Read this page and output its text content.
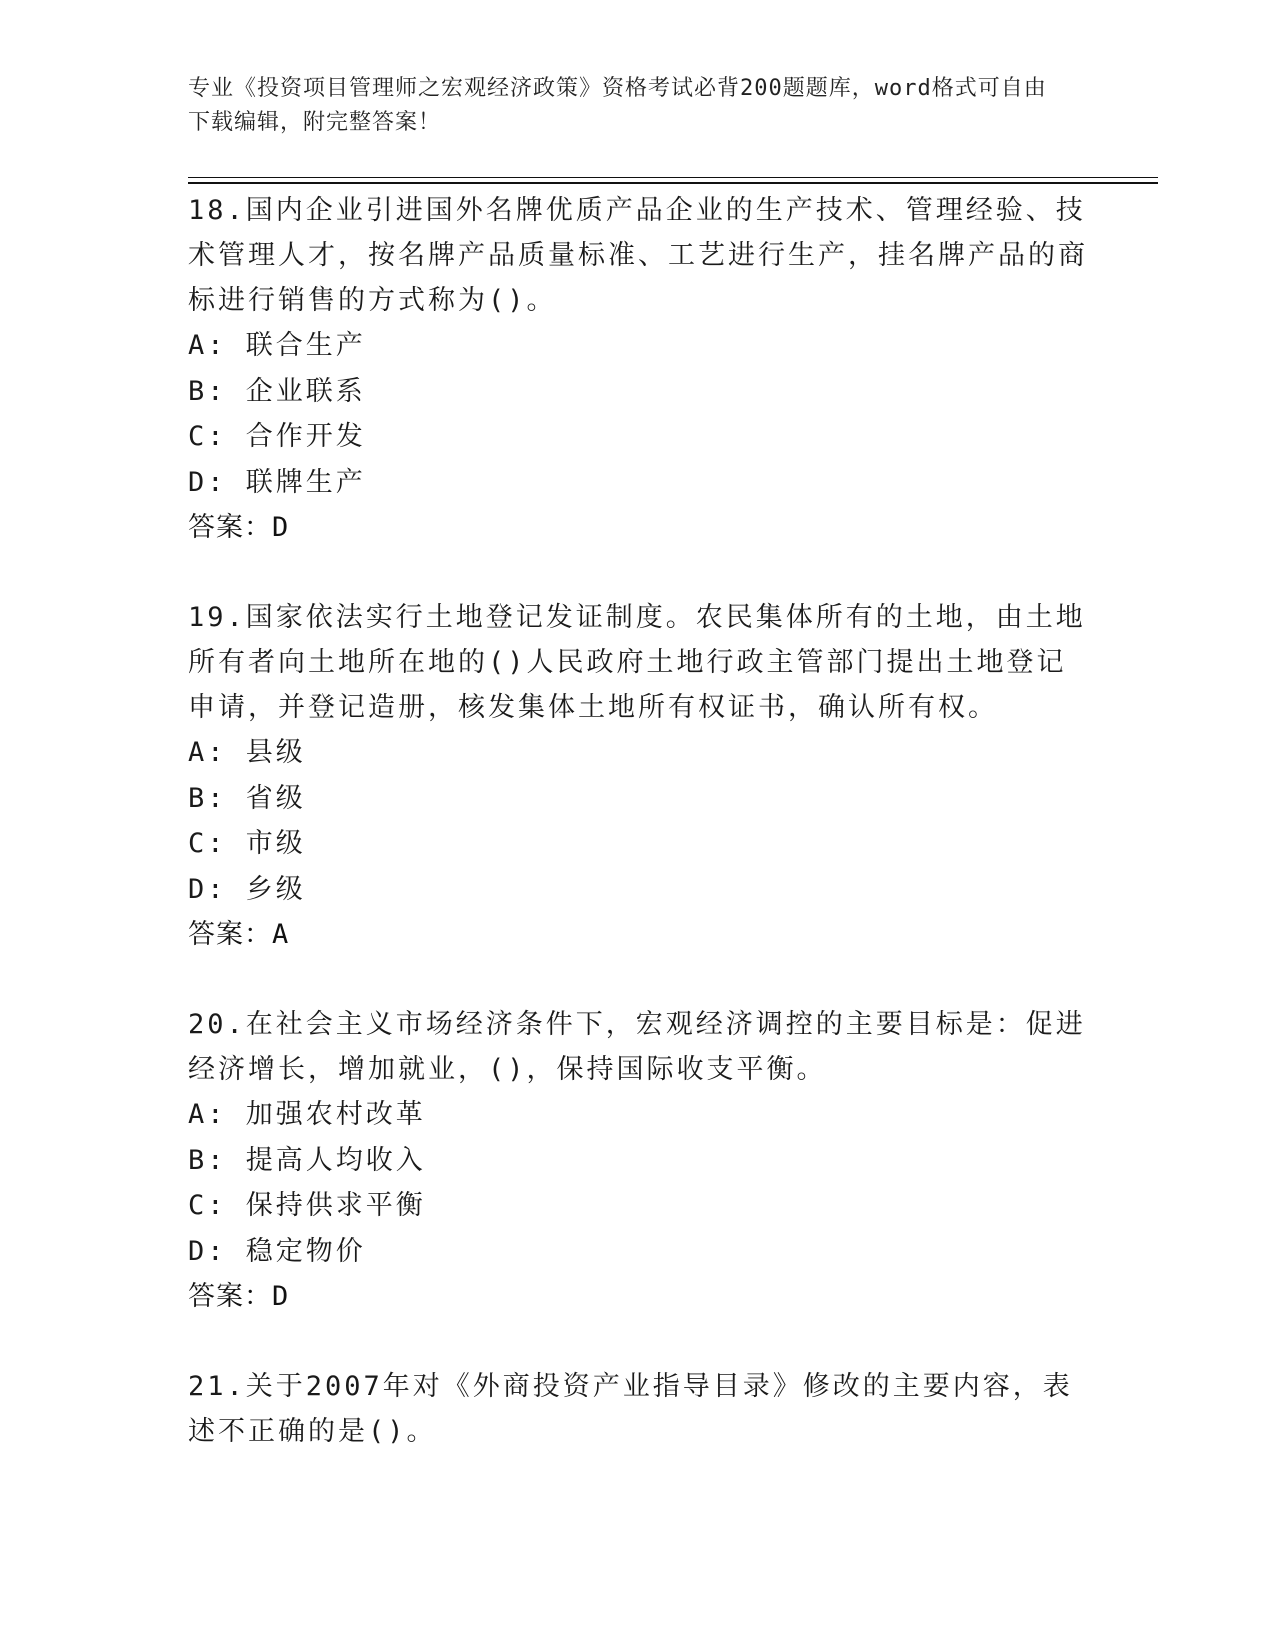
专业《投资项目管理师之宏观经济政策》资格考试必背200题题库，word格式可自由下载编辑，附完整答案！
18.国内企业引进国外名牌优质产品企业的生产技术、管理经验、技术管理人才，按名牌产品质量标准、工艺进行生产，挂名牌产品的商标进行销售的方式称为()。
A: 联合生产
B: 企业联系
C: 合作开发
D: 联牌生产
答案：D
19.国家依法实行土地登记发证制度。农民集体所有的土地，由土地所有者向土地所在地的()人民政府土地行政主管部门提出土地登记申请，并登记造册，核发集体土地所有权证书，确认所有权。
A: 县级
B: 省级
C: 市级
D: 乡级
答案：A
20.在社会主义市场经济条件下，宏观经济调控的主要目标是：促进经济增长，增加就业，()，保持国际收支平衡。
A: 加强农村改革
B: 提高人均收入
C: 保持供求平衡
D: 稳定物价
答案：D
21.关于2007年对《外商投资产业指导目录》修改的主要内容，表述不正确的是()。
